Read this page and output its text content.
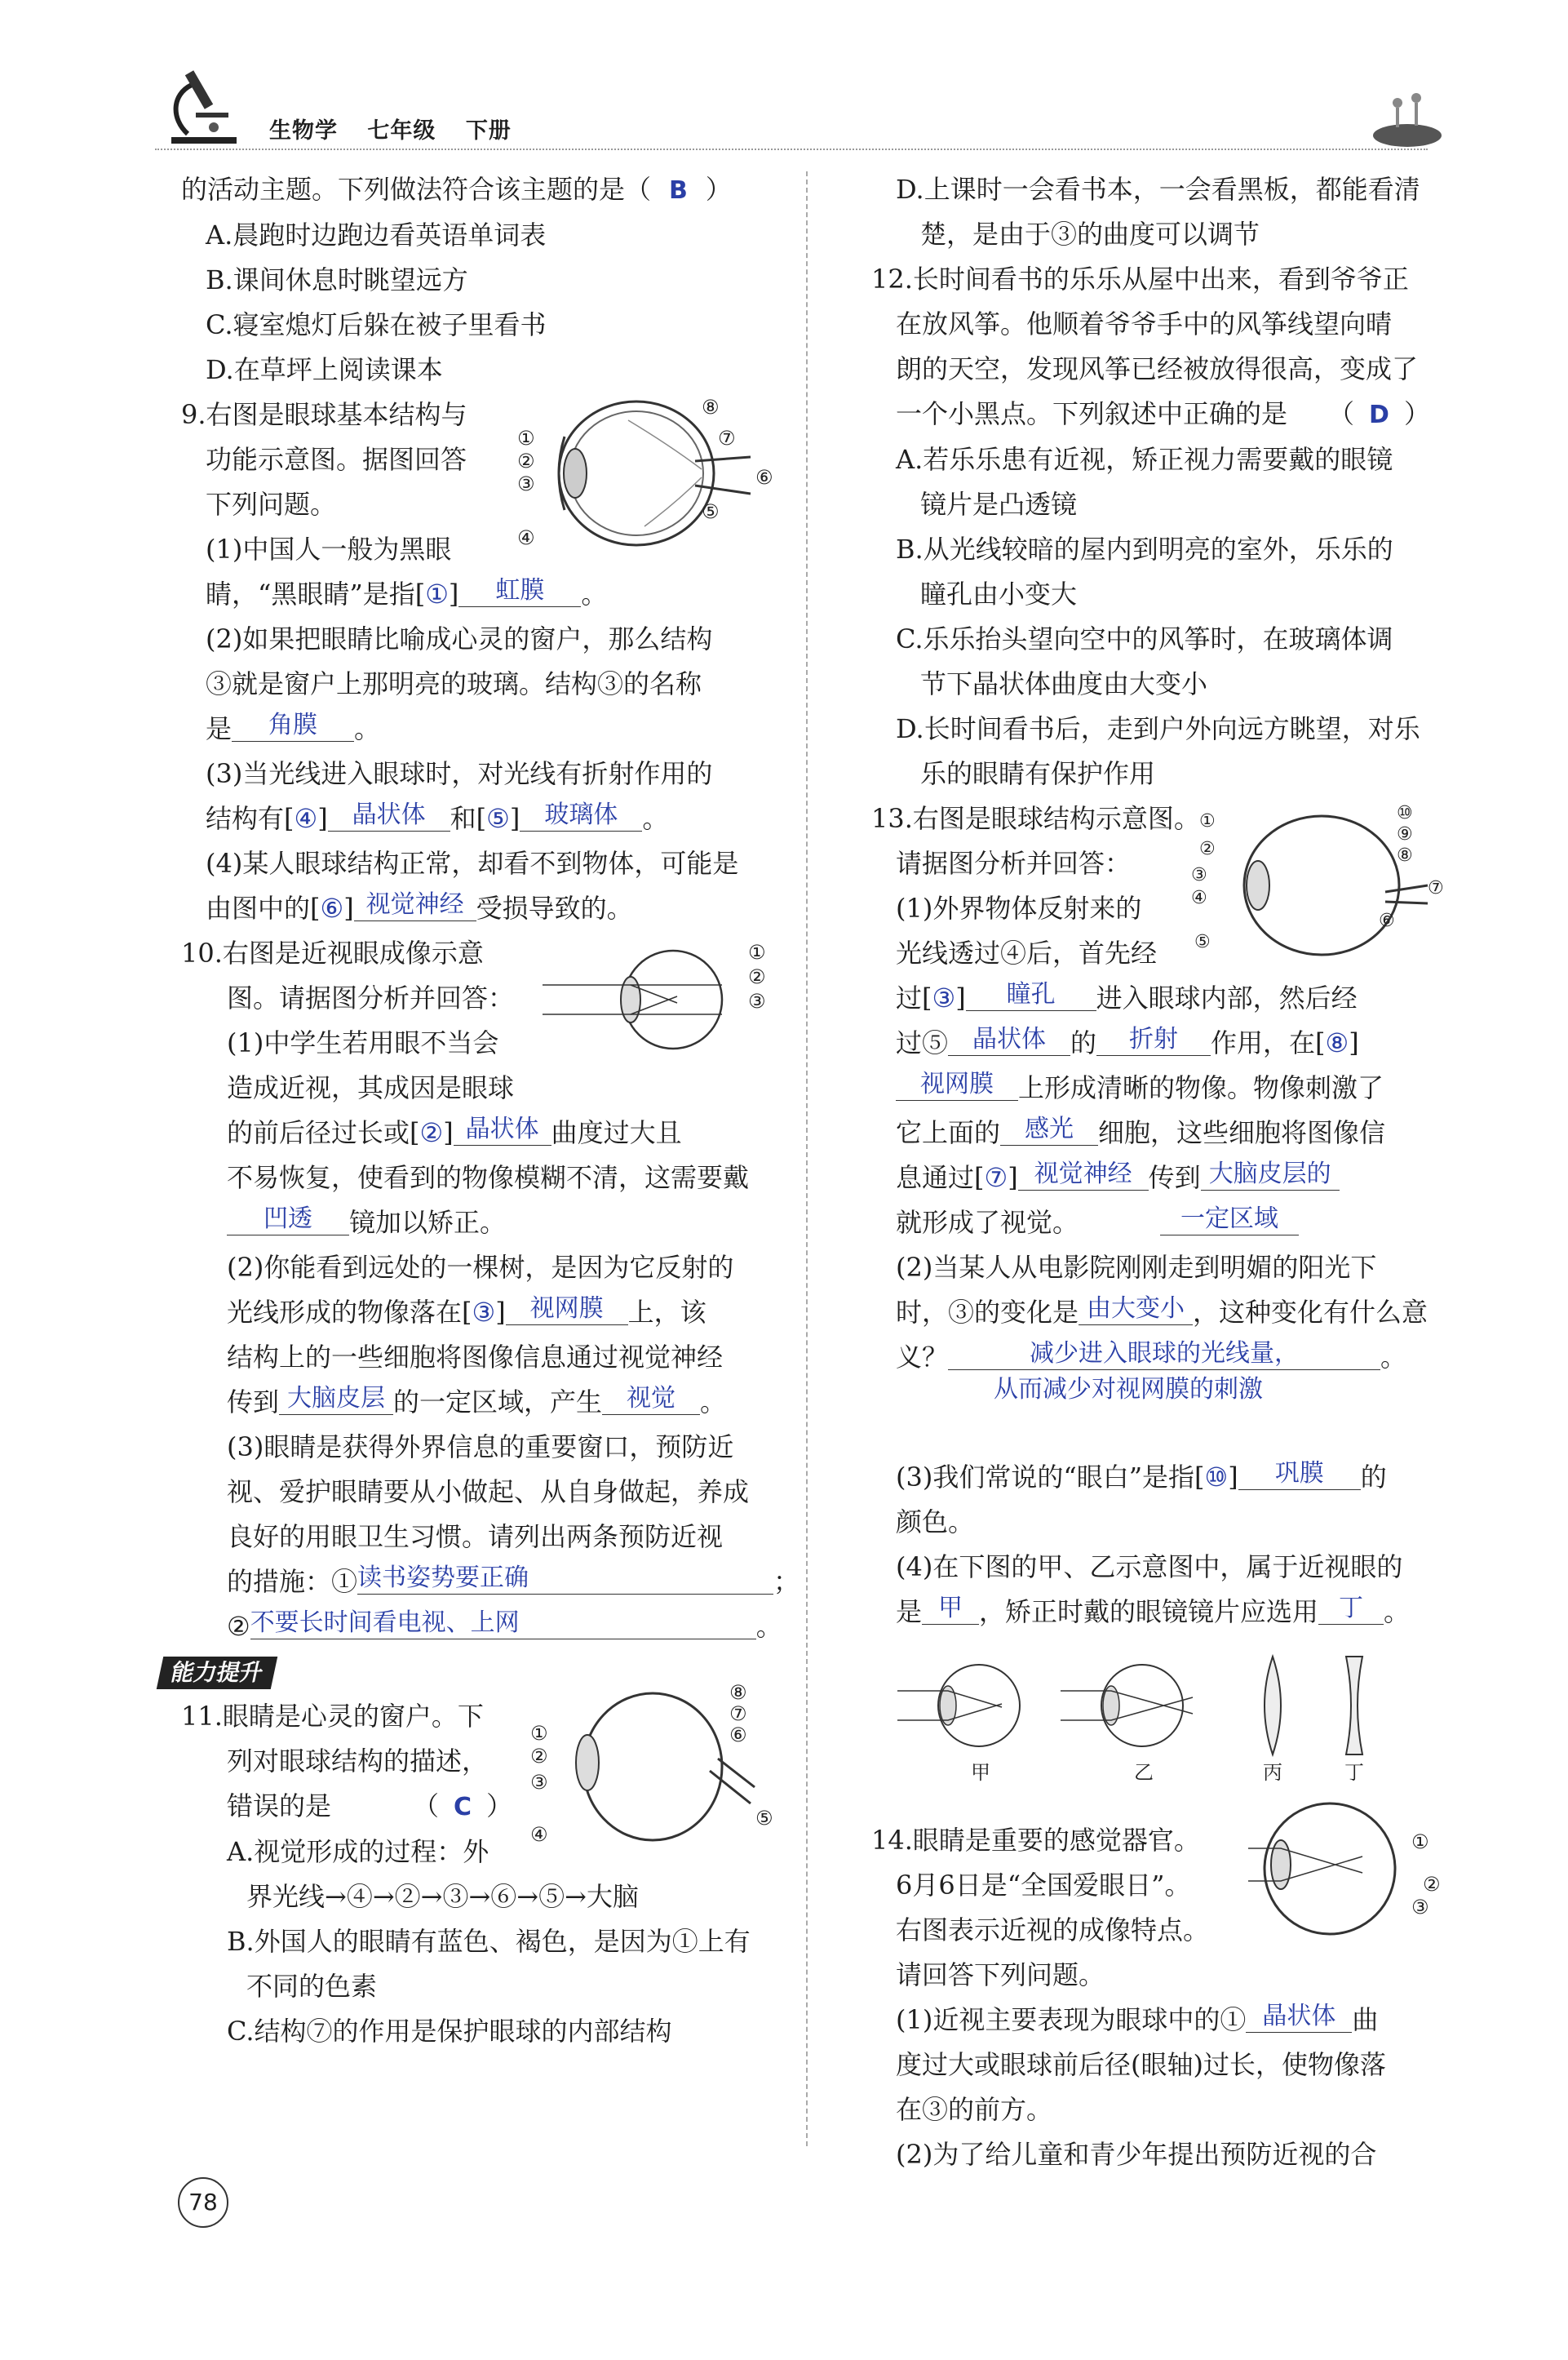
生物学 七年级 下册
的活动主题。下列做法符合该主题的是（ B ）
A.晨跑时边跑边看英语单词表
B.课间休息时眺望远方
C.寝室熄灯后躲在被子里看书
D.在草坪上阅读课本
9.右图是眼球基本结构与
功能示意图。据图回答
下列问题。
(1)中国人一般为黑眼
睛，“黑眼睛”是指[①] 虹膜 。
(2)如果把眼睛比喻成心灵的窗户，那么结构
③就是窗户上那明亮的玻璃。结构③的名称
是 角膜 。
(3)当光线进入眼球时，对光线有折射作用的
结构有[④] 晶状体 和[⑤] 玻璃体 。
(4)某人眼球结构正常，却看不到物体，可能是
由图中的[⑥] 视觉神经 受损导致的。
10.右图是近视眼成像示意
图。请据图分析并回答：
(1)中学生若用眼不当会
造成近视，其成因是眼球
的前后径过长或[②] 晶状体 曲度过大且
不易恢复，使看到的物像模糊不清，这需要戴
凹透 镜加以矫正。
(2)你能看到远处的一棵树，是因为它反射的
光线形成的物像落在[③] 视网膜 上，该
结构上的一些细胞将图像信息通过视觉神经
传到 大脑皮层 的一定区域，产生 视觉 。
(3)眼睛是获得外界信息的重要窗口，预防近
视、爱护眼睛要从小做起、从自身做起，养成
良好的用眼卫生习惯。请列出两条预防近视
的措施：①读书姿势要正确	；
②不要长时间看电视、上网	。
能力提升
11.眼睛是心灵的窗户。下
列对眼球结构的描述，
错误的是	（ C ）
A.视觉形成的过程：外
界光线→④→②→③→⑥→⑤→大脑
B.外国人的眼睛有蓝色、褐色，是因为①上有
不同的色素
C.结构⑦的作用是保护眼球的内部结构
①
②
③
④
⑤
⑥
⑦
⑧
①
②
③
①
②
③
④
⑤
⑥
⑦
⑧
D.上课时一会看书本，一会看黑板，都能看清
楚，是由于③的曲度可以调节
12.长时间看书的乐乐从屋中出来，看到爷爷正
在放风筝。他顺着爷爷手中的风筝线望向晴
朗的天空，发现风筝已经被放得很高，变成了
一个小黑点。下列叙述中正确的是 （ D ）
A.若乐乐患有近视，矫正视力需要戴的眼镜
镜片是凸透镜
B.从光线较暗的屋内到明亮的室外，乐乐的
瞳孔由小变大
C.乐乐抬头望向空中的风筝时，在玻璃体调
节下晶状体曲度由大变小
D.长时间看书后，走到户外向远方眺望，对乐
乐的眼睛有保护作用
13.右图是眼球结构示意图。
请据图分析并回答：
(1)外界物体反射来的
光线透过④后，首先经
过[③] 瞳孔 进入眼球内部，然后经
过⑤ 晶状体 的 折射 作用，在[⑧]
视网膜 上形成清晰的物像。物像刺激了
它上面的 感光 细胞，这些细胞将图像信
息通过[⑦] 视觉神经 传到 大脑皮层的
就形成了视觉。	一定区域
(2)当某人从电影院刚刚走到明媚的阳光下
时，③的变化是 由大变小 ，这种变化有什么意
义？	减少进入眼球的光线量，	。
从而减少对视网膜的刺激
(3)我们常说的“眼白”是指[⑩] 巩膜 的
颜色。
(4)在下图的甲、乙示意图中，属于近视眼的
是 甲 ，矫正时戴的眼镜镜片应选用 丁 。
14.眼睛是重要的感觉器官。
6月6日是“全国爱眼日”。
右图表示近视的成像特点。
请回答下列问题。
(1)近视主要表现为眼球中的① 晶状体 曲
度过大或眼球前后径(眼轴)过长，使物像落
在③的前方。
(2)为了给儿童和青少年提出预防近视的合
①
②
③
④
⑤
⑥
⑦
⑧
⑨
⑩
甲	乙	丙	丁
①
②
③
78
